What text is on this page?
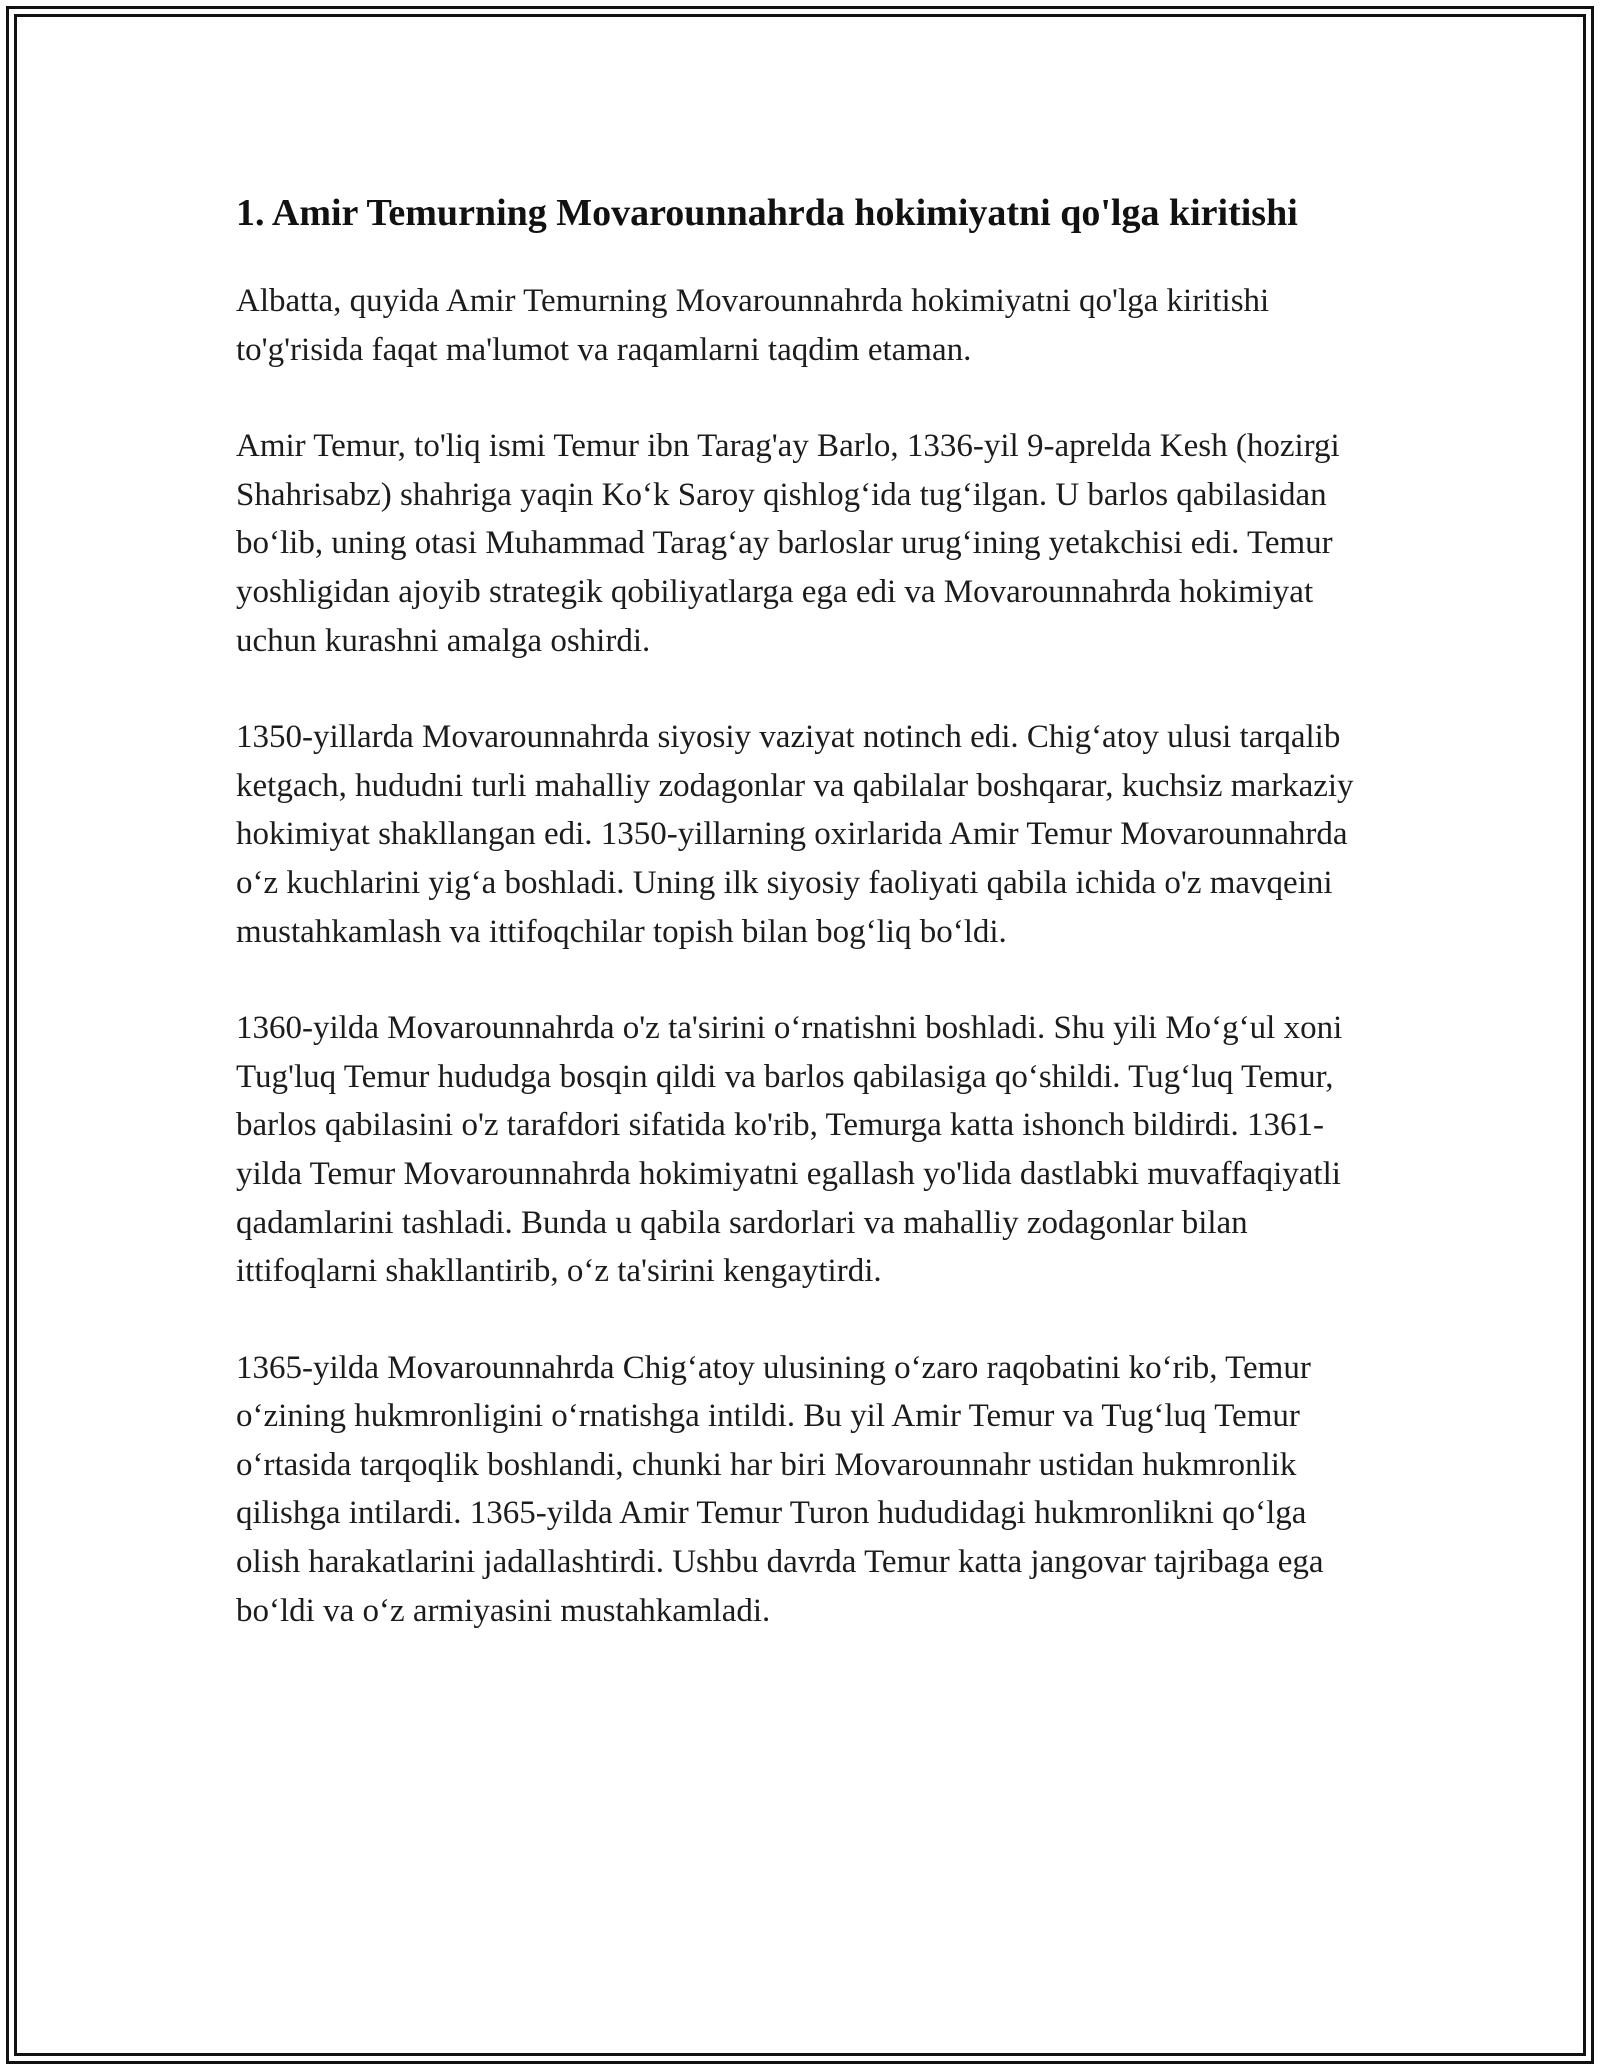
1. Amir Temurning Movarounnahrda hokimiyatni qo'lga kiritishi

Albatta, quyida Amir Temurning Movarounnahrda hokimiyatni qo'lga kiritishi to'g'risida faqat ma'lumot va raqamlarni taqdim etaman.

Amir Temur, to'liq ismi Temur ibn Tarag'ay Barlo, 1336-yil 9-aprelda Kesh (hozirgi Shahrisabz) shahriga yaqin Ko‘k Saroy qishlog‘ida tug‘ilgan. U barlos qabilasidan bo‘lib, uning otasi Muhammad Tarag‘ay barloslar urug‘ining yetakchisi edi. Temur yoshligidan ajoyib strategik qobiliyatlarga ega edi va Movarounnahrda hokimiyat uchun kurashni amalga oshirdi.

1350-yillarda Movarounnahrda siyosiy vaziyat notinch edi. Chig‘atoy ulusi tarqalib ketgach, hududni turli mahalliy zodagonlar va qabilalar boshqarar, kuchsiz markaziy hokimiyat shakllangan edi. 1350-yillarning oxirlarida Amir Temur Movarounnahrda o‘z kuchlarini yig‘a boshladi. Uning ilk siyosiy faoliyati qabila ichida o'z mavqeini mustahkamlash va ittifoqchilar topish bilan bog‘liq bo‘ldi.

1360-yilda Movarounnahrda o'z ta'sirini o‘rnatishni boshladi. Shu yili Mo‘g‘ul xoni Tug'luq Temur hududga bosqin qildi va barlos qabilasiga qo‘shildi. Tug‘luq Temur, barlos qabilasini o'z tarafdori sifatida ko'rib, Temurga katta ishonch bildirdi. 1361-yilda Temur Movarounnahrda hokimiyatni egallash yo'lida dastlabki muvaffaqiyatli qadamlarini tashladi. Bunda u qabila sardorlari va mahalliy zodagonlar bilan ittifoqlarni shakllantirib, o‘z ta'sirini kengaytirdi.

1365-yilda Movarounnahrda Chig‘atoy ulusining o‘zaro raqobatini ko‘rib, Temur o‘zining hukmronligini o‘rnatishga intildi. Bu yil Amir Temur va Tug‘luq Temur o‘rtasida tarqoqlik boshlandi, chunki har biri Movarounnahr ustidan hukmronlik qilishga intilardi. 1365-yilda Amir Temur Turon hududidagi hukmronlikni qo‘lga olish harakatlarini jadallashtirdi. Ushbu davrda Temur katta jangovar tajribaga ega bo‘ldi va o‘z armiyasini mustahkamladi.
